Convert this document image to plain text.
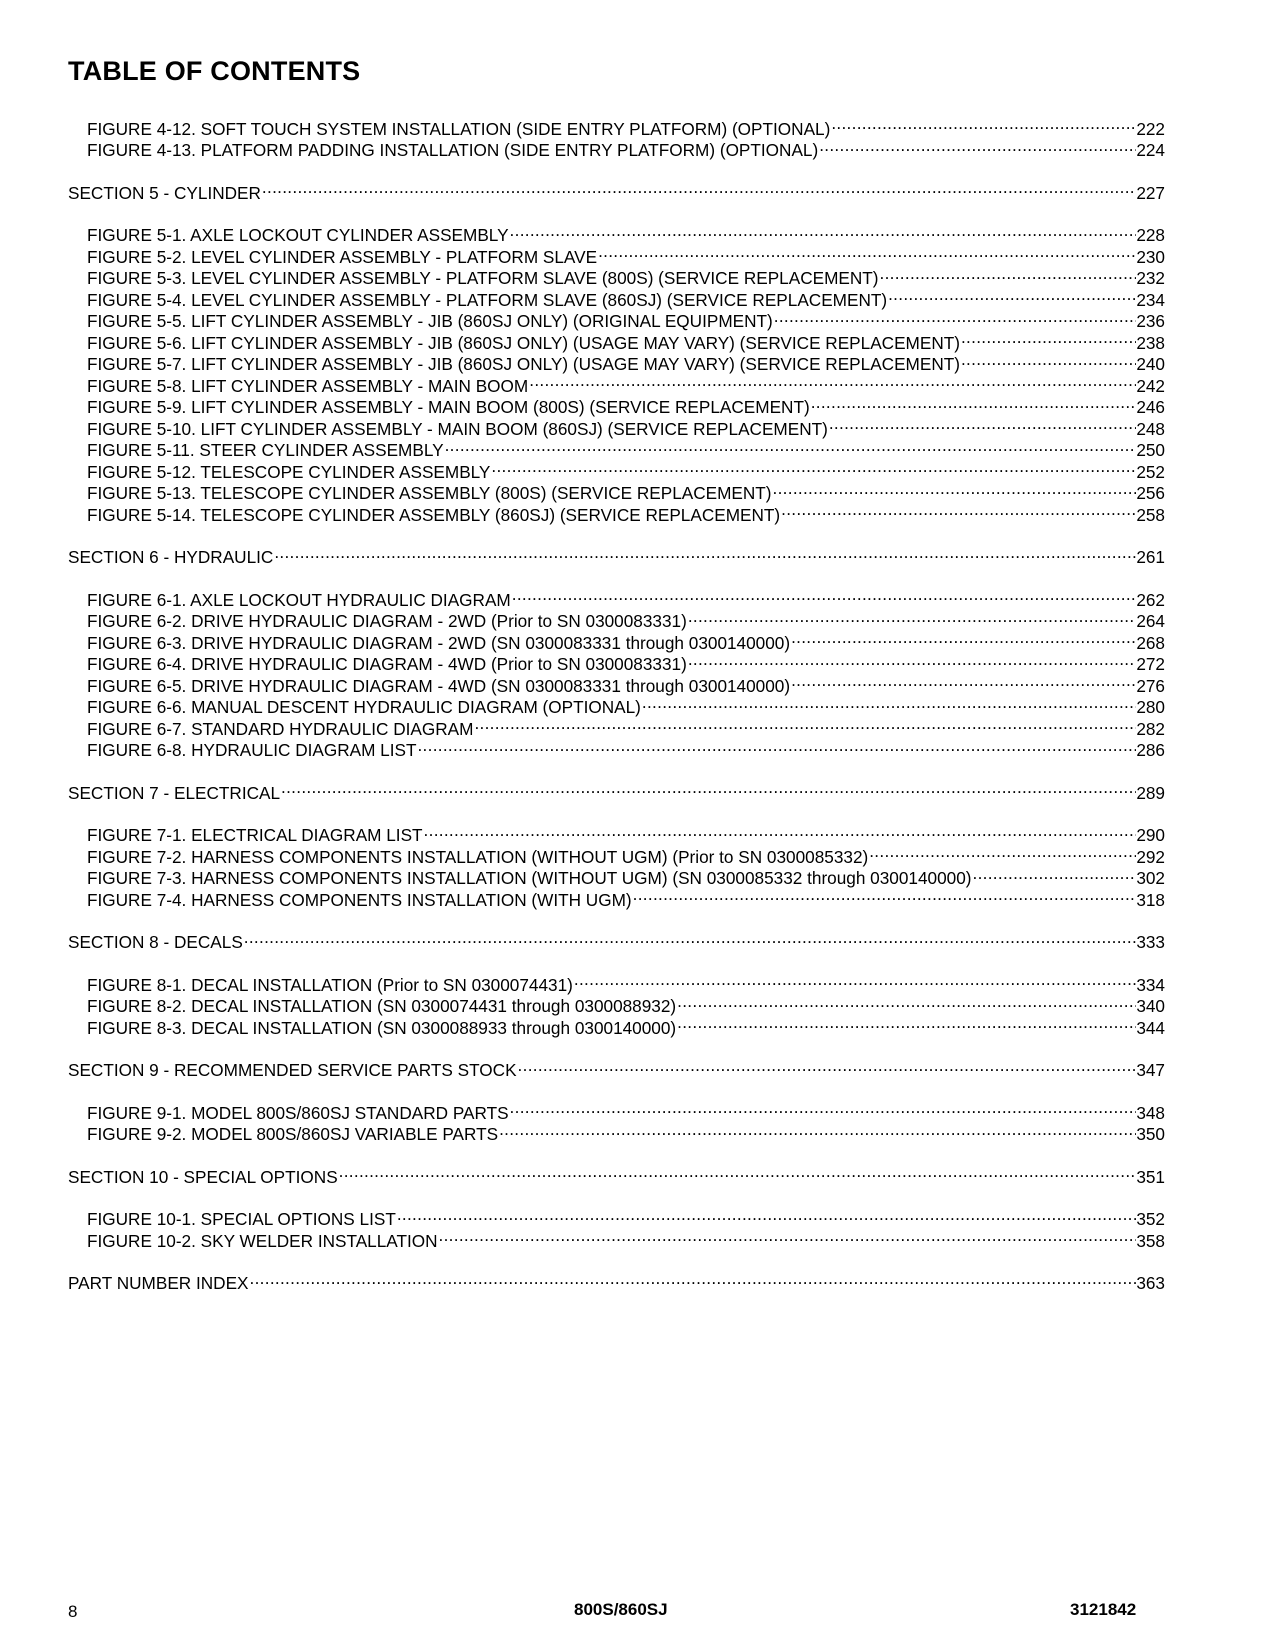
TABLE OF CONTENTS
FIGURE 4-12. SOFT TOUCH SYSTEM INSTALLATION (SIDE ENTRY PLATFORM) (OPTIONAL) .....	222
FIGURE 4-13. PLATFORM PADDING INSTALLATION (SIDE ENTRY PLATFORM) (OPTIONAL) .....	224
SECTION 5 - CYLINDER .....	227
FIGURE 5-1. AXLE LOCKOUT CYLINDER ASSEMBLY .....	228
FIGURE 5-2. LEVEL CYLINDER ASSEMBLY - PLATFORM SLAVE .....	230
FIGURE 5-3. LEVEL CYLINDER ASSEMBLY - PLATFORM SLAVE (800S) (SERVICE REPLACEMENT) .....	232
FIGURE 5-4. LEVEL CYLINDER ASSEMBLY - PLATFORM SLAVE (860SJ) (SERVICE REPLACEMENT) .....	234
FIGURE 5-5. LIFT CYLINDER ASSEMBLY - JIB (860SJ ONLY) (ORIGINAL EQUIPMENT) .....	236
FIGURE 5-6. LIFT CYLINDER ASSEMBLY - JIB (860SJ ONLY) (USAGE MAY VARY) (SERVICE REPLACEMENT) .....	238
FIGURE 5-7. LIFT CYLINDER ASSEMBLY - JIB (860SJ ONLY) (USAGE MAY VARY) (SERVICE REPLACEMENT) .....	240
FIGURE 5-8. LIFT CYLINDER ASSEMBLY - MAIN BOOM .....	242
FIGURE 5-9. LIFT CYLINDER ASSEMBLY - MAIN BOOM (800S) (SERVICE REPLACEMENT) .....	246
FIGURE 5-10. LIFT CYLINDER ASSEMBLY - MAIN BOOM (860SJ) (SERVICE REPLACEMENT) .....	248
FIGURE 5-11. STEER CYLINDER ASSEMBLY .....	250
FIGURE 5-12. TELESCOPE CYLINDER ASSEMBLY .....	252
FIGURE 5-13. TELESCOPE CYLINDER ASSEMBLY (800S) (SERVICE REPLACEMENT) .....	256
FIGURE 5-14. TELESCOPE CYLINDER ASSEMBLY (860SJ) (SERVICE REPLACEMENT) .....	258
SECTION 6 - HYDRAULIC .....	261
FIGURE 6-1. AXLE LOCKOUT HYDRAULIC DIAGRAM .....	262
FIGURE 6-2. DRIVE HYDRAULIC DIAGRAM - 2WD (Prior to SN 0300083331) .....	264
FIGURE 6-3. DRIVE HYDRAULIC DIAGRAM - 2WD (SN 0300083331 through 0300140000) .....	268
FIGURE 6-4. DRIVE HYDRAULIC DIAGRAM - 4WD (Prior to SN 0300083331) .....	272
FIGURE 6-5. DRIVE HYDRAULIC DIAGRAM - 4WD (SN 0300083331 through 0300140000) .....	276
FIGURE 6-6. MANUAL DESCENT HYDRAULIC DIAGRAM (OPTIONAL) .....	280
FIGURE 6-7. STANDARD HYDRAULIC DIAGRAM .....	282
FIGURE 6-8. HYDRAULIC DIAGRAM LIST .....	286
SECTION 7 - ELECTRICAL .....	289
FIGURE 7-1. ELECTRICAL DIAGRAM LIST .....	290
FIGURE 7-2. HARNESS COMPONENTS INSTALLATION (WITHOUT UGM) (Prior to SN 0300085332) .....	292
FIGURE 7-3. HARNESS COMPONENTS INSTALLATION (WITHOUT UGM) (SN 0300085332 through 0300140000) .....	302
FIGURE 7-4. HARNESS COMPONENTS INSTALLATION (WITH UGM) .....	318
SECTION 8 - DECALS .....	333
FIGURE 8-1. DECAL INSTALLATION (Prior to SN 0300074431) .....	334
FIGURE 8-2. DECAL INSTALLATION (SN 0300074431 through 0300088932) .....	340
FIGURE 8-3. DECAL INSTALLATION (SN 0300088933 through 0300140000) .....	344
SECTION 9 - RECOMMENDED SERVICE PARTS STOCK .....	347
FIGURE 9-1. MODEL 800S/860SJ STANDARD PARTS .....	348
FIGURE 9-2. MODEL 800S/860SJ VARIABLE PARTS .....	350
SECTION 10 - SPECIAL OPTIONS .....	351
FIGURE 10-1. SPECIAL OPTIONS LIST .....	352
FIGURE 10-2. SKY WELDER INSTALLATION .....	358
PART NUMBER INDEX .....	363
8	800S/860SJ	3121842
